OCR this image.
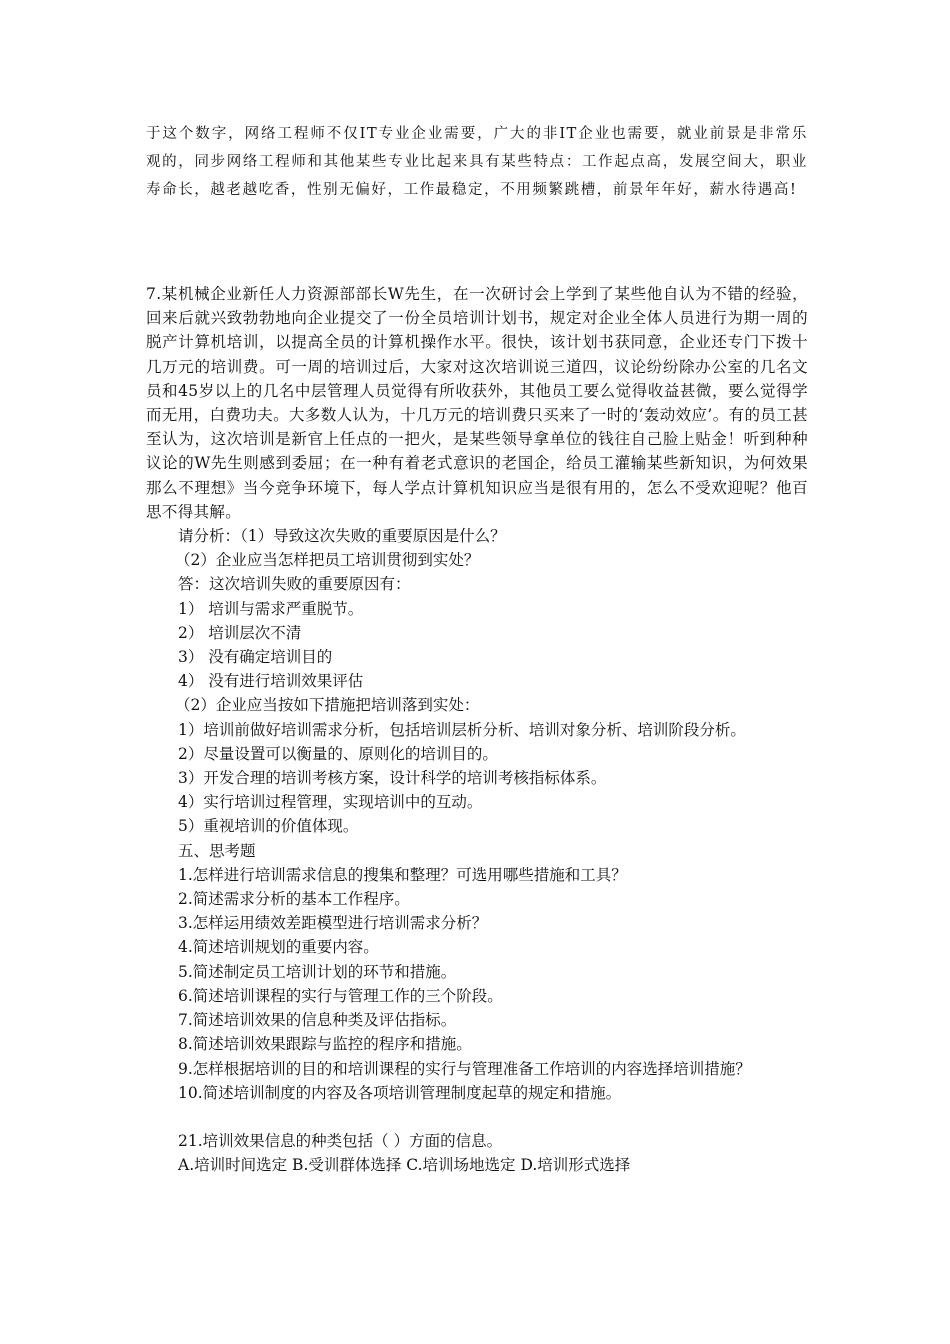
于这个数字，网络工程师不仅IT专业企业需要，广大的非IT企业也需要，就业前景是非常乐观的，同步网络工程师和其他某些专业比起来具有某些特点：工作起点高，发展空间大，职业寿命长，越老越吃香，性别无偏好，工作最稳定，不用频繁跳槽，前景年年好，薪水待遇高!

7.某机械企业新任人力资源部部长W先生，在一次研讨会上学到了某些他自认为不错的经验，回来后就兴致勃勃地向企业提交了一份全员培训计划书，规定对企业全体人员进行为期一周的脱产计算机培训，以提高全员的计算机操作水平。很快，该计划书获同意，企业还专门下拨十几万元的培训费。可一周的培训过后，大家对这次培训说三道四，议论纷纷除办公室的几名文员和45岁以上的几名中层管理人员觉得有所收获外，其他员工要么觉得收益甚微，要么觉得学而无用，白费功夫。大多数人认为，十几万元的培训费只买来了一时的‘轰动效应’。有的员工甚至认为，这次培训是新官上任点的一把火，是某些领导拿单位的钱往自己脸上贴金！听到种种议论的W先生则感到委屈；在一种有着老式意识的老国企，给员工灌输某些新知识，为何效果那么不理想》当今竞争环境下，每人学点计算机知识应当是很有用的，怎么不受欢迎呢？他百思不得其解。

请分析：（1）导致这次失败的重要原因是什么？

（2）企业应当怎样把员工培训贯彻到实处？

答：这次培训失败的重要原因有：

1） 培训与需求严重脱节。

2） 培训层次不清

3） 没有确定培训目的

4） 没有进行培训效果评估

（2）企业应当按如下措施把培训落到实处：

1）培训前做好培训需求分析，包括培训层析分析、培训对象分析、培训阶段分析。

2）尽量设置可以衡量的、原则化的培训目的。

3）开发合理的培训考核方案，设计科学的培训考核指标体系。

4）实行培训过程管理，实现培训中的互动。

5）重视培训的价值体现。

五、思考题

1.怎样进行培训需求信息的搜集和整理？可选用哪些措施和工具？

2.简述需求分析的基本工作程序。

3.怎样运用绩效差距模型进行培训需求分析？

4.简述培训规划的重要内容。

5.简述制定员工培训计划的环节和措施。

6.简述培训课程的实行与管理工作的三个阶段。

7.简述培训效果的信息种类及评估指标。

8.简述培训效果跟踪与监控的程序和措施。

9.怎样根据培训的目的和培训课程的实行与管理准备工作培训的内容选择培训措施？

10.简述培训制度的内容及各项培训管理制度起草的规定和措施。

21.培训效果信息的种类包括（ ）方面的信息。

A.培训时间选定 B.受训群体选择 C.培训场地选定 D.培训形式选择
